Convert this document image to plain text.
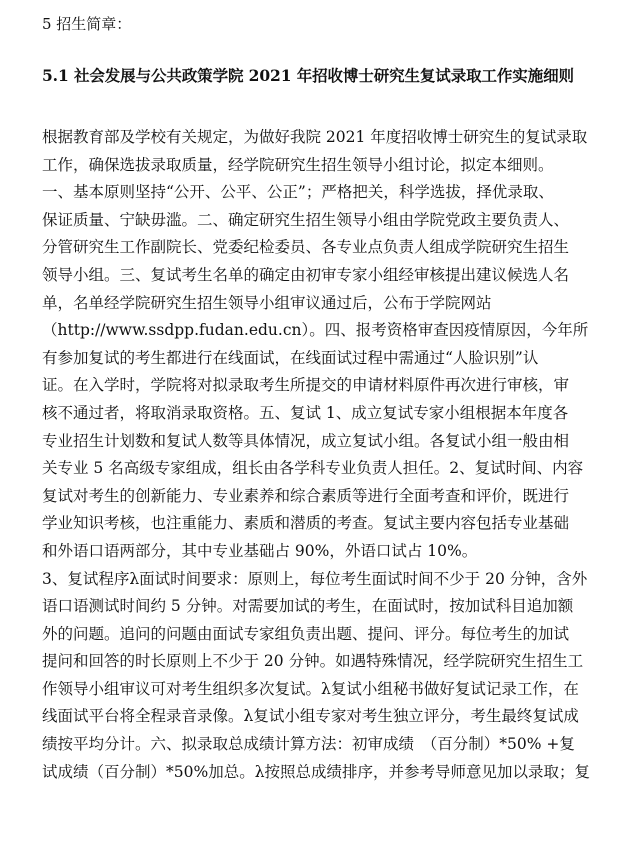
5 招生简章：
5.1 社会发展与公共政策学院 2021 年招收博士研究生复试录取工作实施细则
根据教育部及学校有关规定，为做好我院 2021 年度招收博士研究生的复试录取
工作，确保选拔录取质量，经学院研究生招生领导小组讨论，拟定本细则。
一、基本原则坚持“公开、公平、公正”；严格把关，科学选拔，择优录取、
保证质量、宁缺毋滥。二、确定研究生招生领导小组由学院党政主要负责人、
分管研究生工作副院长、党委纪检委员、各专业点负责人组成学院研究生招生
领导小组。三、复试考生名单的确定由初审专家小组经审核提出建议候选人名
单，名单经学院研究生招生领导小组审议通过后，公布于学院网站
（http://www.ssdpp.fudan.edu.cn）。四、报考资格审查因疫情原因，今年所
有参加复试的考生都进行在线面试，在线面试过程中需通过“人脸识别”认
证。在入学时，学院将对拟录取考生所提交的申请材料原件再次进行审核，审
核不通过者，将取消录取资格。五、复试 1、成立复试专家小组根据本年度各
专业招生计划数和复试人数等具体情况，成立复试小组。各复试小组一般由相
关专业 5 名高级专家组成，组长由各学科专业负责人担任。2、复试时间、内容
复试对考生的创新能力、专业素养和综合素质等进行全面考查和评价，既进行
学业知识考核，也注重能力、素质和潜质的考查。复试主要内容包括专业基础
和外语口语两部分，其中专业基础占 90%，外语口试占 10%。
3、复试程序λ面试时间要求：原则上，每位考生面试时间不少于 20 分钟，含外
语口语测试时间约 5 分钟。对需要加试的考生，在面试时，按加试科目追加额
外的问题。追问的问题由面试专家组负责出题、提问、评分。每位考生的加试
提问和回答的时长原则上不少于 20 分钟。如遇特殊情况，经学院研究生招生工
作领导小组审议可对考生组织多次复试。λ复试小组秘书做好复试记录工作，在
线面试平台将全程录音录像。λ复试小组专家对考生独立评分，考生最终复试成
绩按平均分计。六、拟录取总成绩计算方法：初审成绩　（百分制）*50% +复
试成绩（百分制）*50%加总。λ按照总成绩排序，并参考导师意见加以录取；复
